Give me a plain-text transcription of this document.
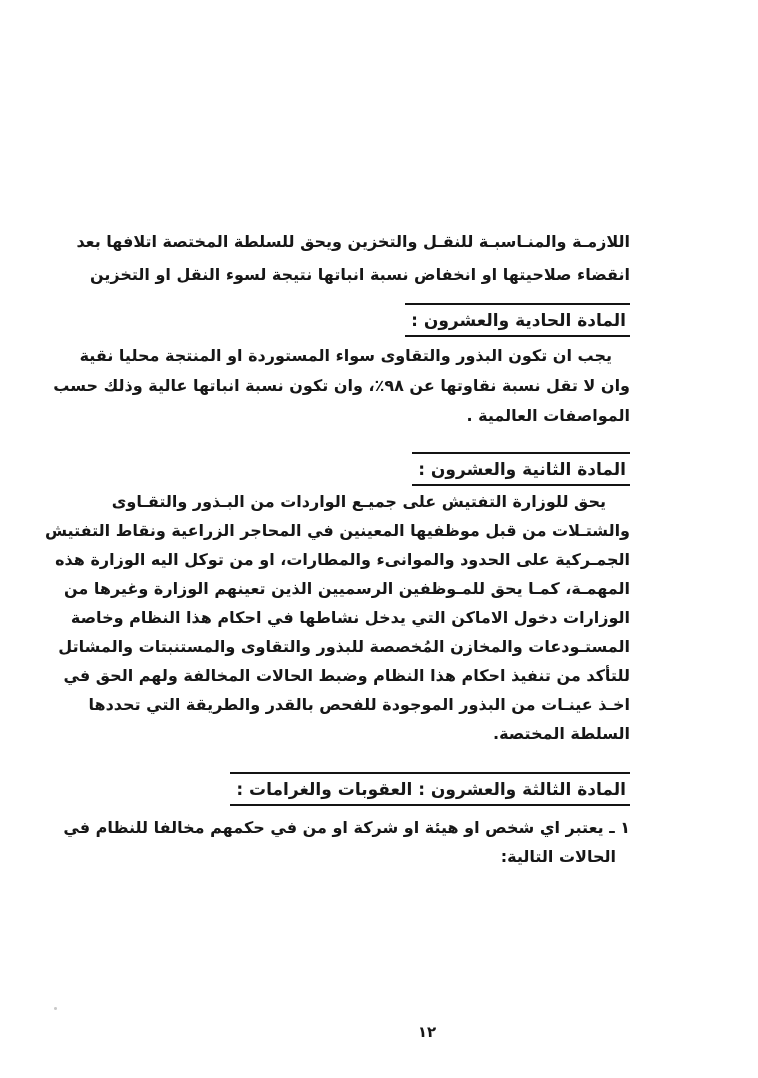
اللازمـة والمنـاسبـة للنقـل والتخزين ويحق للسلطة المختصة اتلافها بعد
انقضاء صلاحيتها او انخفاض نسبة انباتها نتيجة لسوء النقل او التخزين
المادة الحادية والعشرون :
يجب ان تكون البذور والتقاوى سواء المستوردة او المنتجة محليا نقية
وان لا تقل نسبة نقاوتها عن ٩٨٪، وان تكون نسبة انباتها عالية وذلك حسب
المواصفات العالمية .
المادة الثانية والعشرون :
يحق للوزارة التفتيش على جميـع الواردات من البـذور والتقـاوى
والشتـلات من قبل موظفيها المعينين في المحاجر الزراعية ونقاط التفتيش
الجمـركية على الحدود والموانىء والمطارات، او من توكل اليه الوزارة هذه
المهمـة، كمـا يحق للمـوظفين الرسميين الذين تعينهم الوزارة وغيرها من
الوزارات دخول الاماكن التي يدخل نشاطها في احكام هذا النظام وخاصة
المستـودعات والمخازن المُخصصة للبذور والتقاوى والمستنبتات والمشاتل
للتأكد من تنفيذ احكام هذا النظام وضبط الحالات المخالفة ولهم الحق في
اخـذ عينـات من البذور الموجودة للفحص بالقدر والطريقة التي تحددها
السلطة المختصة.
المادة الثالثة والعشرون : العقوبات والغرامات :
١ ـ يعتبر اي شخص او هيئة او شركة او من في حكمهم مخالفا للنظام في
الحالات التالية:
١٢
